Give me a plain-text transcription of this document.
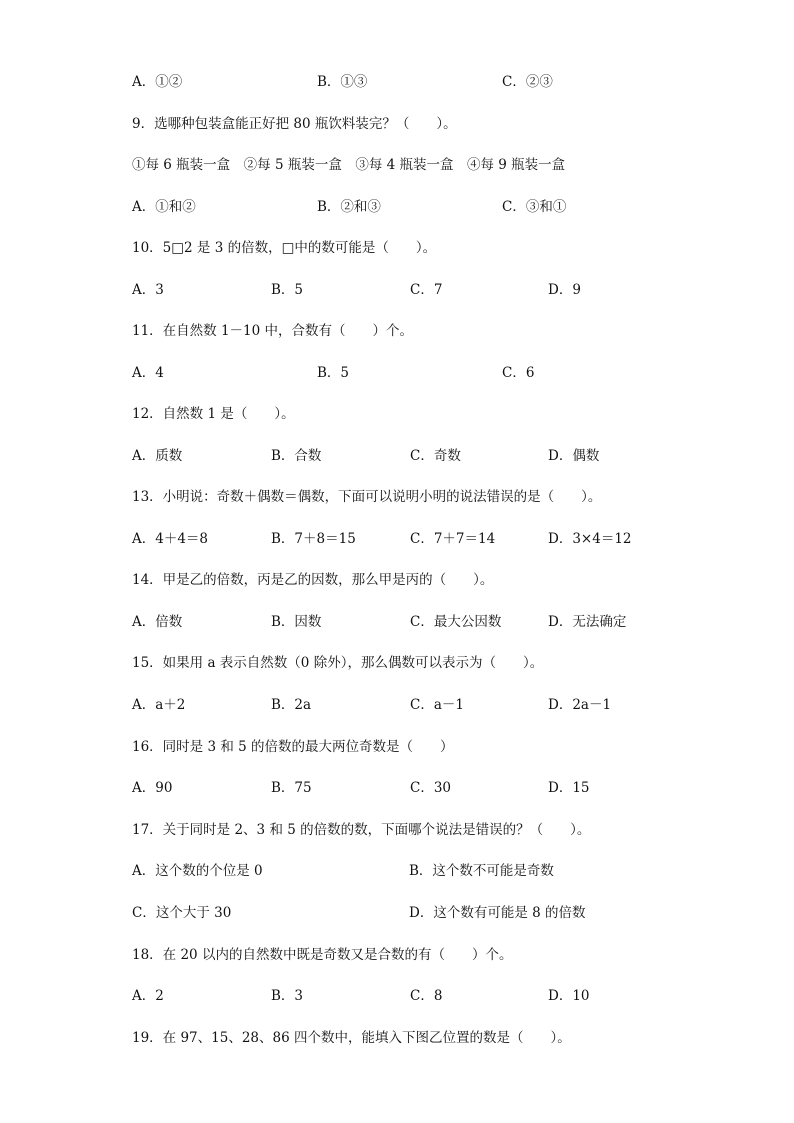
A．①②	B．①③	C．②③
9．选哪种包装盒能正好把 80 瓶饮料装完？（　　）。
①每 6 瓶装一盒　②每 5 瓶装一盒　③每 4 瓶装一盒　④每 9 瓶装一盒
A．①和②	B．②和③	C．③和①
10．5□2 是 3 的倍数，□中的数可能是（　　）。
A．3	B．5	C．7	D．9
11．在自然数 1－10 中，合数有（　　）个。
A．4	B．5	C．6
12．自然数 1 是（　　）。
A．质数	B．合数	C．奇数	D．偶数
13．小明说：奇数＋偶数＝偶数，下面可以说明小明的说法错误的是（　　）。
A．4＋4＝8	B．7＋8＝15	C．7＋7＝14	D．3×4＝12
14．甲是乙的倍数，丙是乙的因数，那么甲是丙的（　　）。
A．倍数	B．因数	C．最大公因数	D．无法确定
15．如果用 a 表示自然数（0 除外），那么偶数可以表示为（　　）。
A．a＋2	B．2a	C．a－1	D．2a－1
16．同时是 3 和 5 的倍数的最大两位奇数是（　　）
A．90	B．75	C．30	D．15
17．关于同时是 2、3 和 5 的倍数的数，下面哪个说法是错误的？（　　）。
A．这个数的个位是 0	B．这个数不可能是奇数
C．这个大于 30	D．这个数有可能是 8 的倍数
18．在 20 以内的自然数中既是奇数又是合数的有（　　）个。
A．2	B．3	C．8	D．10
19．在 97、15、28、86 四个数中，能填入下图乙位置的数是（　　）。
